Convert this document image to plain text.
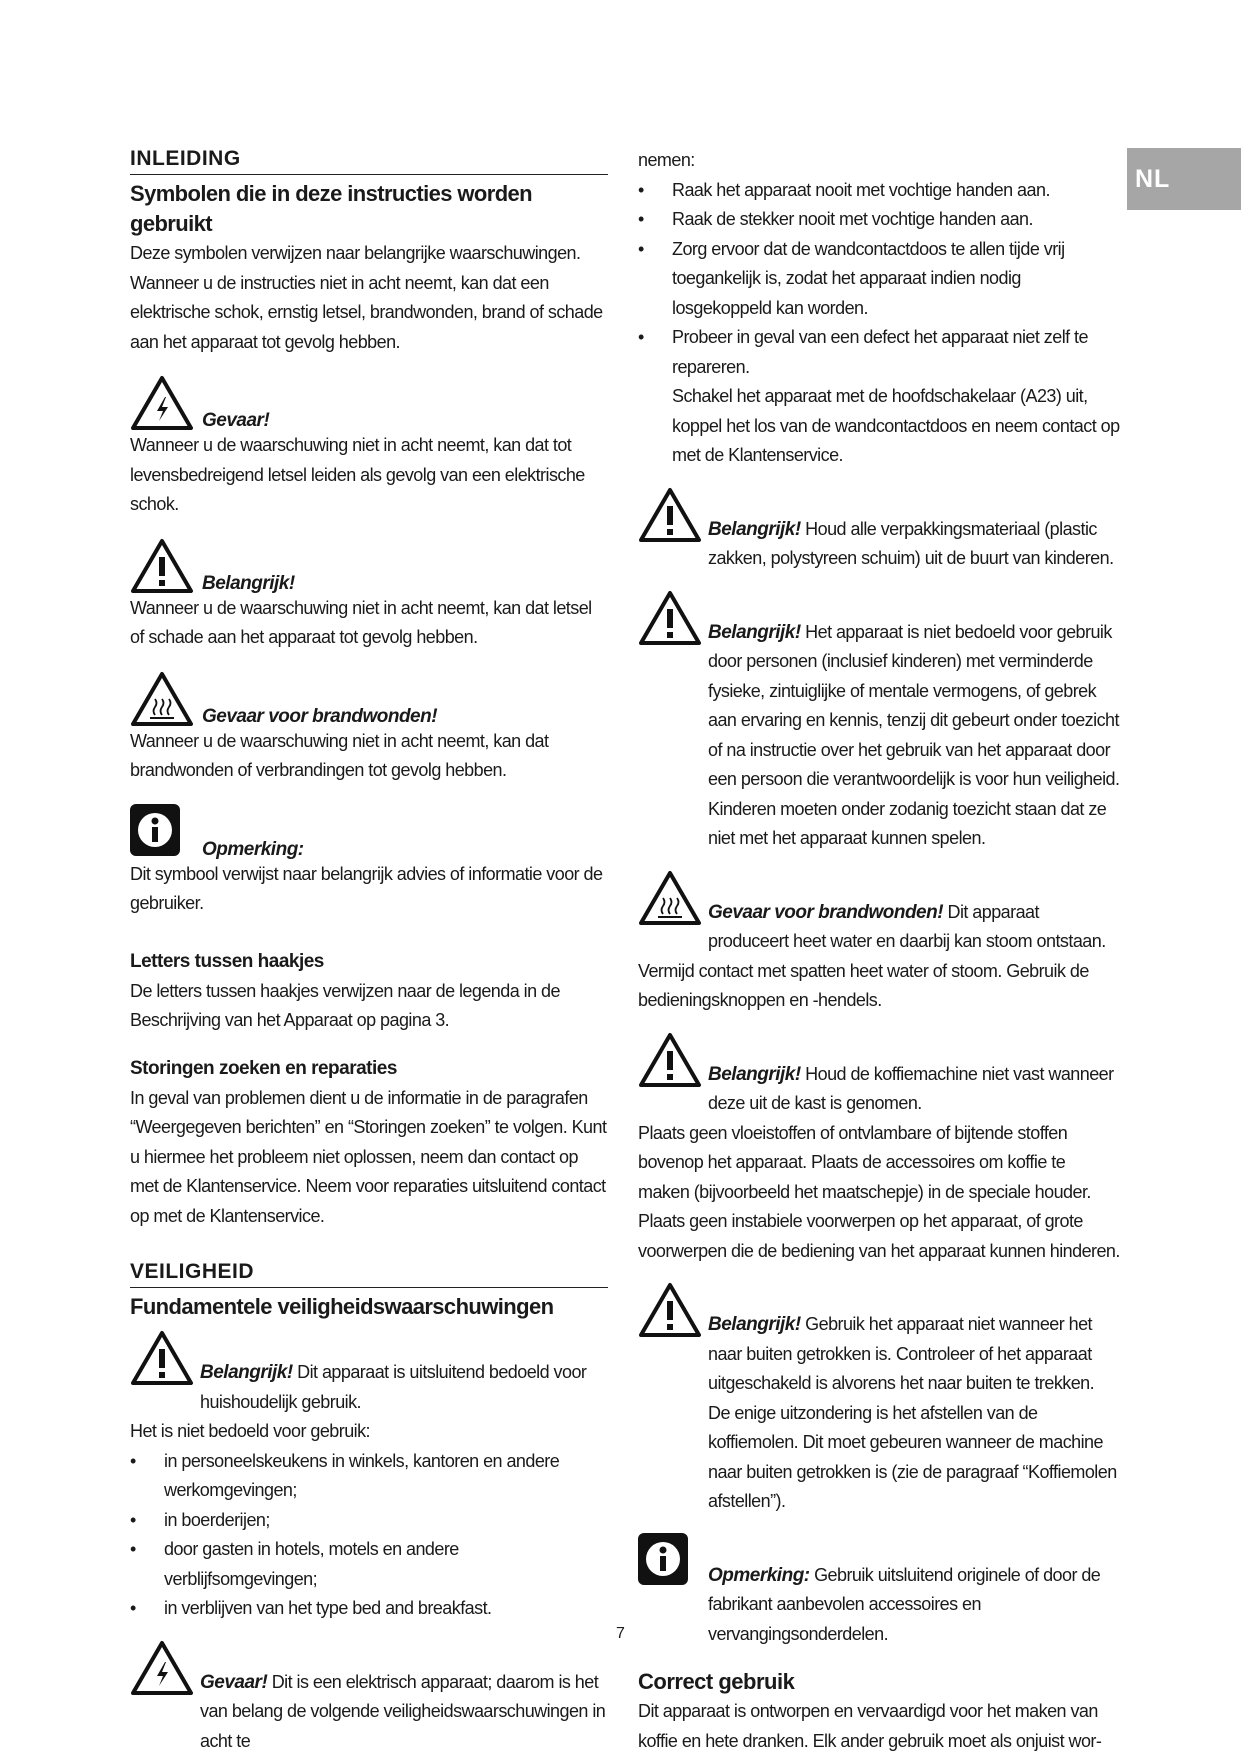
NL
INLEIDING
Symbolen die in deze instructies worden gebruikt

Deze symbolen verwijzen naar belangrijke waarschuwingen. Wanneer u de instructies niet in acht neemt, kan dat een elektrische schok, ernstig letsel, brandwonden, brand of schade aan het apparaat tot gevolg hebben.

Gevaar!

Wanneer u de waarschuwing niet in acht neemt, kan dat tot levensbedreigend letsel leiden als gevolg van een elektrische schok.

Belangrijk!

Wanneer u de waarschuwing niet in acht neemt, kan dat letsel of schade aan het apparaat tot gevolg hebben.

Gevaar voor brandwonden!

Wanneer u de waarschuwing niet in acht neemt, kan dat brandwonden of verbrandingen tot gevolg hebben.

Opmerking:

Dit symbool verwijst naar belangrijk advies of informatie voor de gebruiker.

Letters tussen haakjes

De letters tussen haakjes verwijzen naar de legenda in de Beschrijving van het Apparaat op pagina 3.

Storingen zoeken en reparaties

In geval van problemen dient u de informatie in de paragrafen “Weergegeven berichten” en “Storingen zoeken” te volgen. Kunt u hiermee het probleem niet oplossen, neem dan contact op met de Klantenservice. Neem voor reparaties uitsluitend contact op met de Klantenservice.

VEILIGHEID
Fundamentele veiligheidswaarschuwingen

Belangrijk! Dit apparaat is uitsluitend bedoeld voor huishoudelijk gebruik.

Het is niet bedoeld voor gebruik:

• in personeelskeukens in winkels, kantoren en andere werkomgevingen;
• in boerderijen;
• door gasten in hotels, motels en andere verblijfsomgevingen;
• in verblijven van het type bed and breakfast.

Gevaar! Dit is een elektrisch apparaat; daarom is het van belang de volgende veiligheidswaarschuwingen in acht te

nemen:

• Raak het apparaat nooit met vochtige handen aan.
• Raak de stekker nooit met vochtige handen aan.
• Zorg ervoor dat de wandcontactdoos te allen tijde vrij toegankelijk is, zodat het apparaat indien nodig losgekoppeld kan worden.
• Probeer in geval van een defect het apparaat niet zelf te repareren.

Schakel het apparaat met de hoofdschakelaar (A23) uit, koppel het los van de wandcontactdoos en neem contact op met de Klantenservice.

Belangrijk! Houd alle verpakkingsmateriaal (plastic zakken, polystyreen schuim) uit de buurt van kinderen.

Belangrijk! Het apparaat is niet bedoeld voor gebruik door personen (inclusief kinderen) met verminderde fysieke, zintuiglijke of mentale vermogens, of gebrek aan ervaring en kennis, tenzij dit gebeurt onder toezicht of na instructie over het gebruik van het apparaat door een persoon die verantwoordelijk is voor hun veiligheid. Kinderen moeten onder zodanig toezicht staan dat ze niet met het apparaat kunnen spelen.

Gevaar voor brandwonden! Dit apparaat produceert heet water en daarbij kan stoom ontstaan.

Vermijd contact met spatten heet water of stoom. Gebruik de bedieningsknoppen en -hendels.

Belangrijk! Houd de koffiemachine niet vast wanneer deze uit de kast is genomen.

Plaats geen vloeistoffen of ontvlambare of bijtende stoffen bovenop het apparaat. Plaats de accessoires om koffie te maken (bijvoorbeeld het maatschepje) in de speciale houder. Plaats geen instabiele voorwerpen op het apparaat, of grote voorwerpen die de bediening van het apparaat kunnen hinderen.

Belangrijk! Gebruik het apparaat niet wanneer het naar buiten getrokken is. Controleer of het apparaat uitgeschakeld is alvorens het naar buiten te trekken. De enige uitzondering is het afstellen van de koffiemolen. Dit moet gebeuren wanneer de machine naar buiten getrokken is (zie de paragraaf “Koffiemolen afstellen”).

Opmerking: Gebruik uitsluitend originele of door de fabrikant aanbevolen accessoires en vervangingsonderdelen.

Correct gebruik

Dit apparaat is ontworpen en vervaardigd voor het maken van koffie en hete dranken. Elk ander gebruik moet als onjuist wor-

7
